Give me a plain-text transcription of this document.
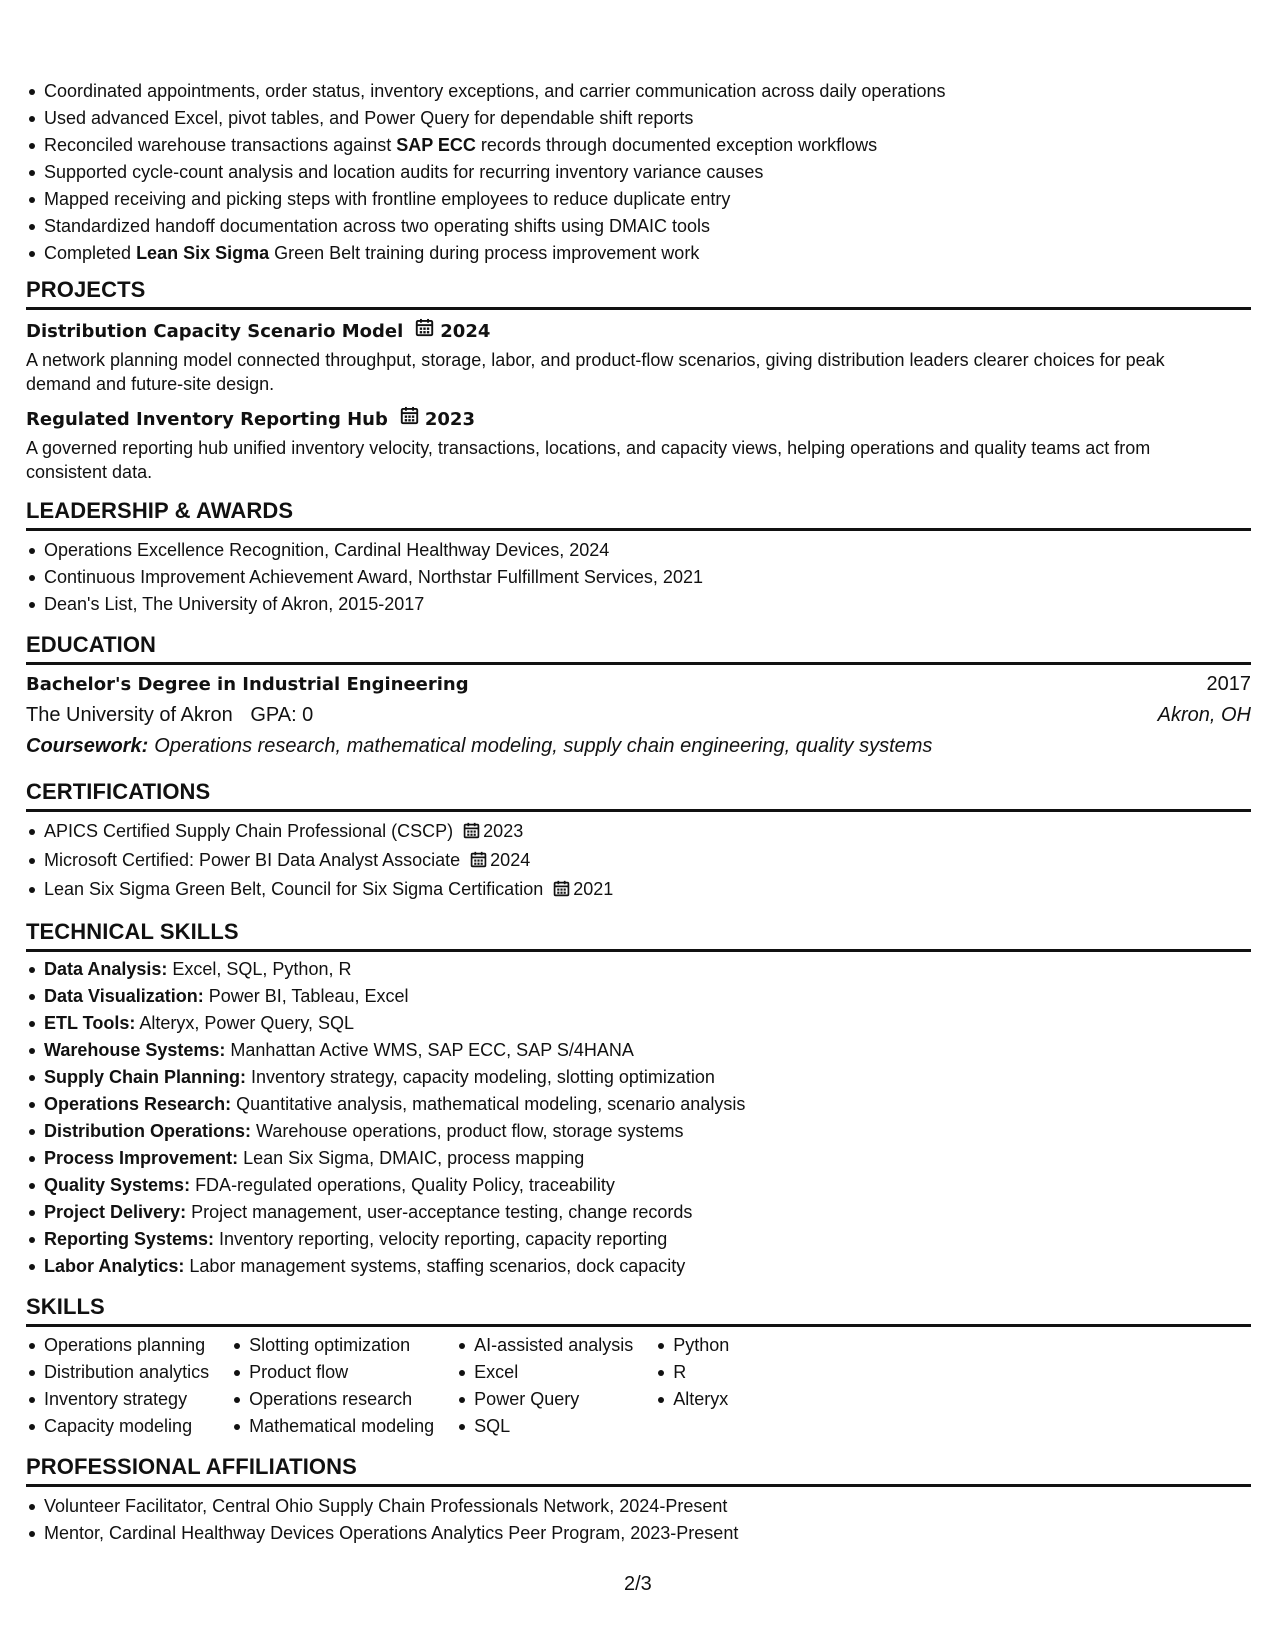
Coordinated appointments, order status, inventory exceptions, and carrier communication across daily operations
Used advanced Excel, pivot tables, and Power Query for dependable shift reports
Reconciled warehouse transactions against SAP ECC records through documented exception workflows
Supported cycle-count analysis and location audits for recurring inventory variance causes
Mapped receiving and picking steps with frontline employees to reduce duplicate entry
Standardized handoff documentation across two operating shifts using DMAIC tools
Completed Lean Six Sigma Green Belt training during process improvement work
PROJECTS
Distribution Capacity Scenario Model 2024
A network planning model connected throughput, storage, labor, and product-flow scenarios, giving distribution leaders clearer choices for peak demand and future-site design.
Regulated Inventory Reporting Hub 2023
A governed reporting hub unified inventory velocity, transactions, locations, and capacity views, helping operations and quality teams act from consistent data.
LEADERSHIP & AWARDS
Operations Excellence Recognition, Cardinal Healthway Devices, 2024
Continuous Improvement Achievement Award, Northstar Fulfillment Services, 2021
Dean's List, The University of Akron, 2015-2017
EDUCATION
Bachelor's Degree in Industrial Engineering	2017
The University of Akron GPA: 0	Akron, OH
Coursework: Operations research, mathematical modeling, supply chain engineering, quality systems
CERTIFICATIONS
APICS Certified Supply Chain Professional (CSCP) 2023
Microsoft Certified: Power BI Data Analyst Associate 2024
Lean Six Sigma Green Belt, Council for Six Sigma Certification 2021
TECHNICAL SKILLS
Data Analysis: Excel, SQL, Python, R
Data Visualization: Power BI, Tableau, Excel
ETL Tools: Alteryx, Power Query, SQL
Warehouse Systems: Manhattan Active WMS, SAP ECC, SAP S/4HANA
Supply Chain Planning: Inventory strategy, capacity modeling, slotting optimization
Operations Research: Quantitative analysis, mathematical modeling, scenario analysis
Distribution Operations: Warehouse operations, product flow, storage systems
Process Improvement: Lean Six Sigma, DMAIC, process mapping
Quality Systems: FDA-regulated operations, Quality Policy, traceability
Project Delivery: Project management, user-acceptance testing, change records
Reporting Systems: Inventory reporting, velocity reporting, capacity reporting
Labor Analytics: Labor management systems, staffing scenarios, dock capacity
SKILLS
Operations planning
Distribution analytics
Inventory strategy
Capacity modeling
Slotting optimization
Product flow
Operations research
Mathematical modeling
AI-assisted analysis
Excel
Power Query
SQL
Python
R
Alteryx
PROFESSIONAL AFFILIATIONS
Volunteer Facilitator, Central Ohio Supply Chain Professionals Network, 2024-Present
Mentor, Cardinal Healthway Devices Operations Analytics Peer Program, 2023-Present
2/3
